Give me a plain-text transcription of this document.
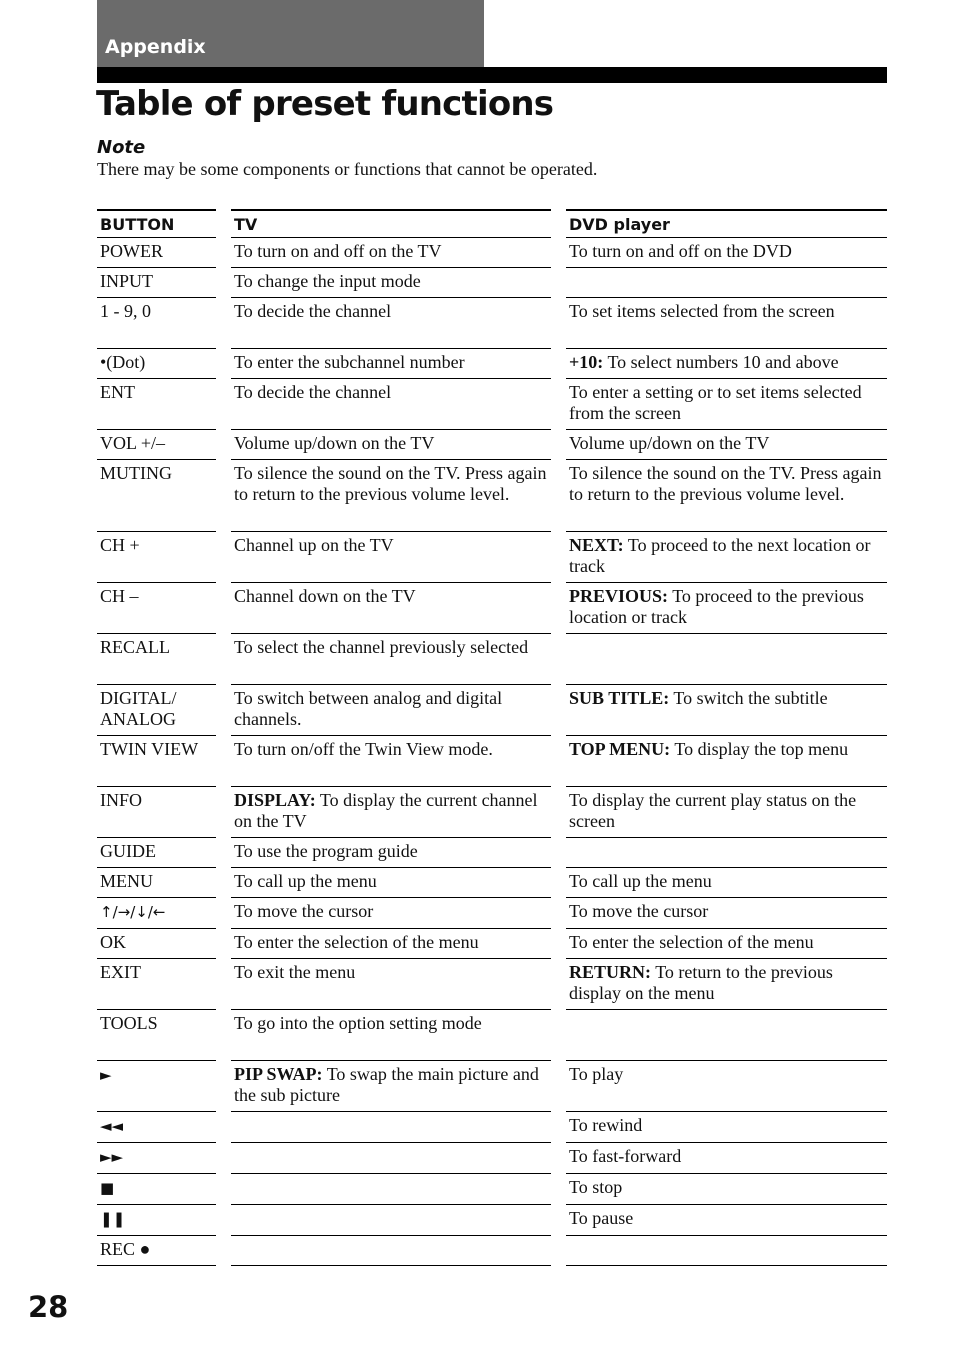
Appendix
Table of preset functions

Note

There may be some components or functions that cannot be operated.

BUTTON		TV		DVD player
POWER		To turn on and off on the TV		To turn on and off on the DVD
INPUT		To change the input mode		
1 - 9, 0		To decide the channel		To set items selected from the screen
•(Dot)		To enter the subchannel number		+10: To select numbers 10 and above
ENT		To decide the channel		To enter a setting or to set items selected from the screen
VOL +/–		Volume up/down on the TV		Volume up/down on the TV
MUTING		To silence the sound on the TV. Press again to return to the previous volume level.		To silence the sound on the TV. Press again to return to the previous volume level.
CH +		Channel up on the TV		NEXT: To proceed to the next location or track
CH –		Channel down on the TV		PREVIOUS: To proceed to the previous location or track
RECALL		To select the channel previously selected		
DIGITAL/ ANALOG		To switch between analog and digital channels.		SUB TITLE: To switch the subtitle
TWIN VIEW		To turn on/off the Twin View mode.		TOP MENU: To display the top menu
INFO		DISPLAY: To display the current channel on the TV		To display the current play status on the screen
GUIDE		To use the program guide		
MENU		To call up the menu		To call up the menu
↑/→/↓/←		To move the cursor		To move the cursor
OK		To enter the selection of the menu		To enter the selection of the menu
EXIT		To exit the menu		RETURN: To return to the previous display on the menu
TOOLS		To go into the option setting mode		
►		PIP SWAP: To swap the main picture and the sub picture		To play
◄◄				To rewind
►►				To fast-forward
■				To stop
❚❚				To pause
REC ●				
28
